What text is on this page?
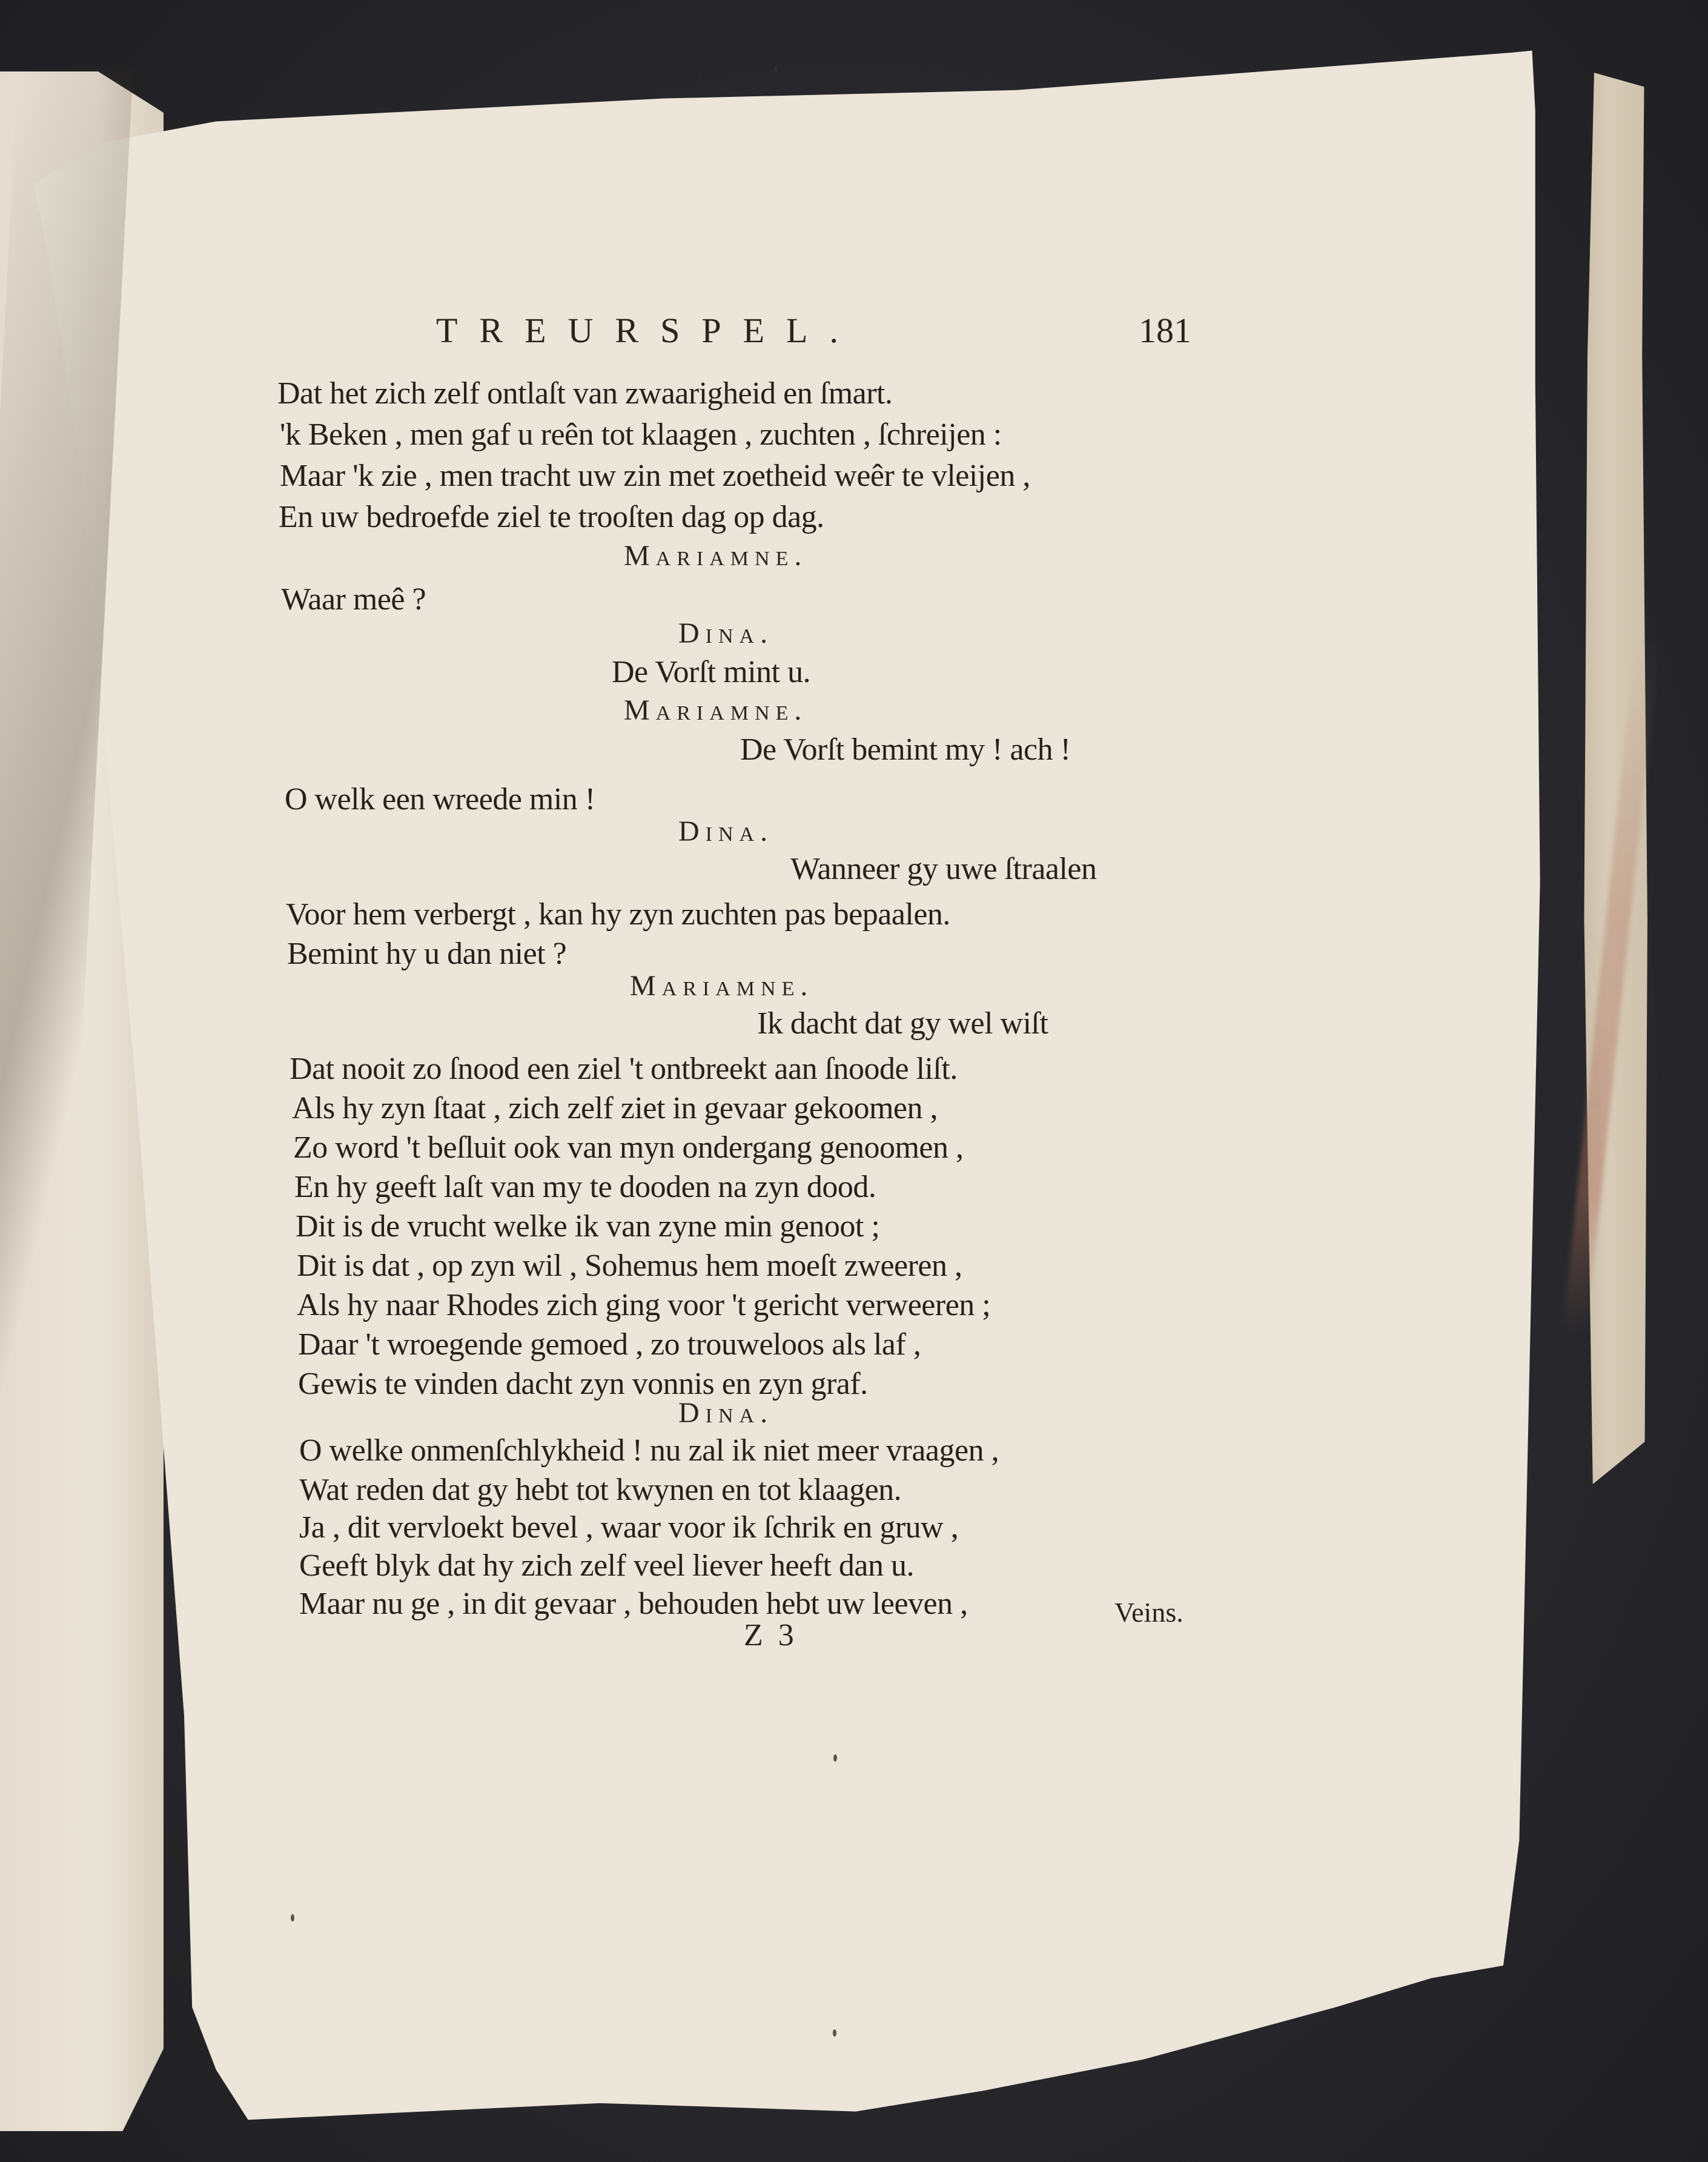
TREURSPEL.	181
Dat het zich zelf ontlaſt van zwaarigheid en ſmart.
'k Beken , men gaf u reên tot klaagen , zuchten , ſchreijen :
Maar 'k zie , men tracht uw zin met zoetheid weêr te vleijen ,
En uw bedroefde ziel te trooſten dag op dag.
Mariamne.
Waar meê ?
Dina.
De Vorſt mint u.
Mariamne.
De Vorſt bemint my ! ach !
O welk een wreede min !
Dina.
Wanneer gy uwe ſtraalen
Voor hem verbergt , kan hy zyn zuchten pas bepaalen.
Bemint hy u dan niet ?
Mariamne.
Ik dacht dat gy wel wiſt
Dat nooit zo ſnood een ziel 't ontbreekt aan ſnoode liſt.
Als hy zyn ſtaat , zich zelf ziet in gevaar gekoomen ,
Zo word 't beſluit ook van myn ondergang genoomen ,
En hy geeft laſt van my te dooden na zyn dood.
Dit is de vrucht welke ik van zyne min genoot ;
Dit is dat , op zyn wil , Sohemus hem moeſt zweeren ,
Als hy naar Rhodes zich ging voor 't gericht verweeren ;
Daar 't wroegende gemoed , zo trouweloos als laf ,
Gewis te vinden dacht zyn vonnis en zyn graf.
Dina.
O welke onmenſchlykheid ! nu zal ik niet meer vraagen ,
Wat reden dat gy hebt tot kwynen en tot klaagen.
Ja , dit vervloekt bevel , waar voor ik ſchrik en gruw ,
Geeft blyk dat hy zich zelf veel liever heeft dan u.
Maar nu ge , in dit gevaar , behouden hebt uw leeven ,
Z 3
Veins.
